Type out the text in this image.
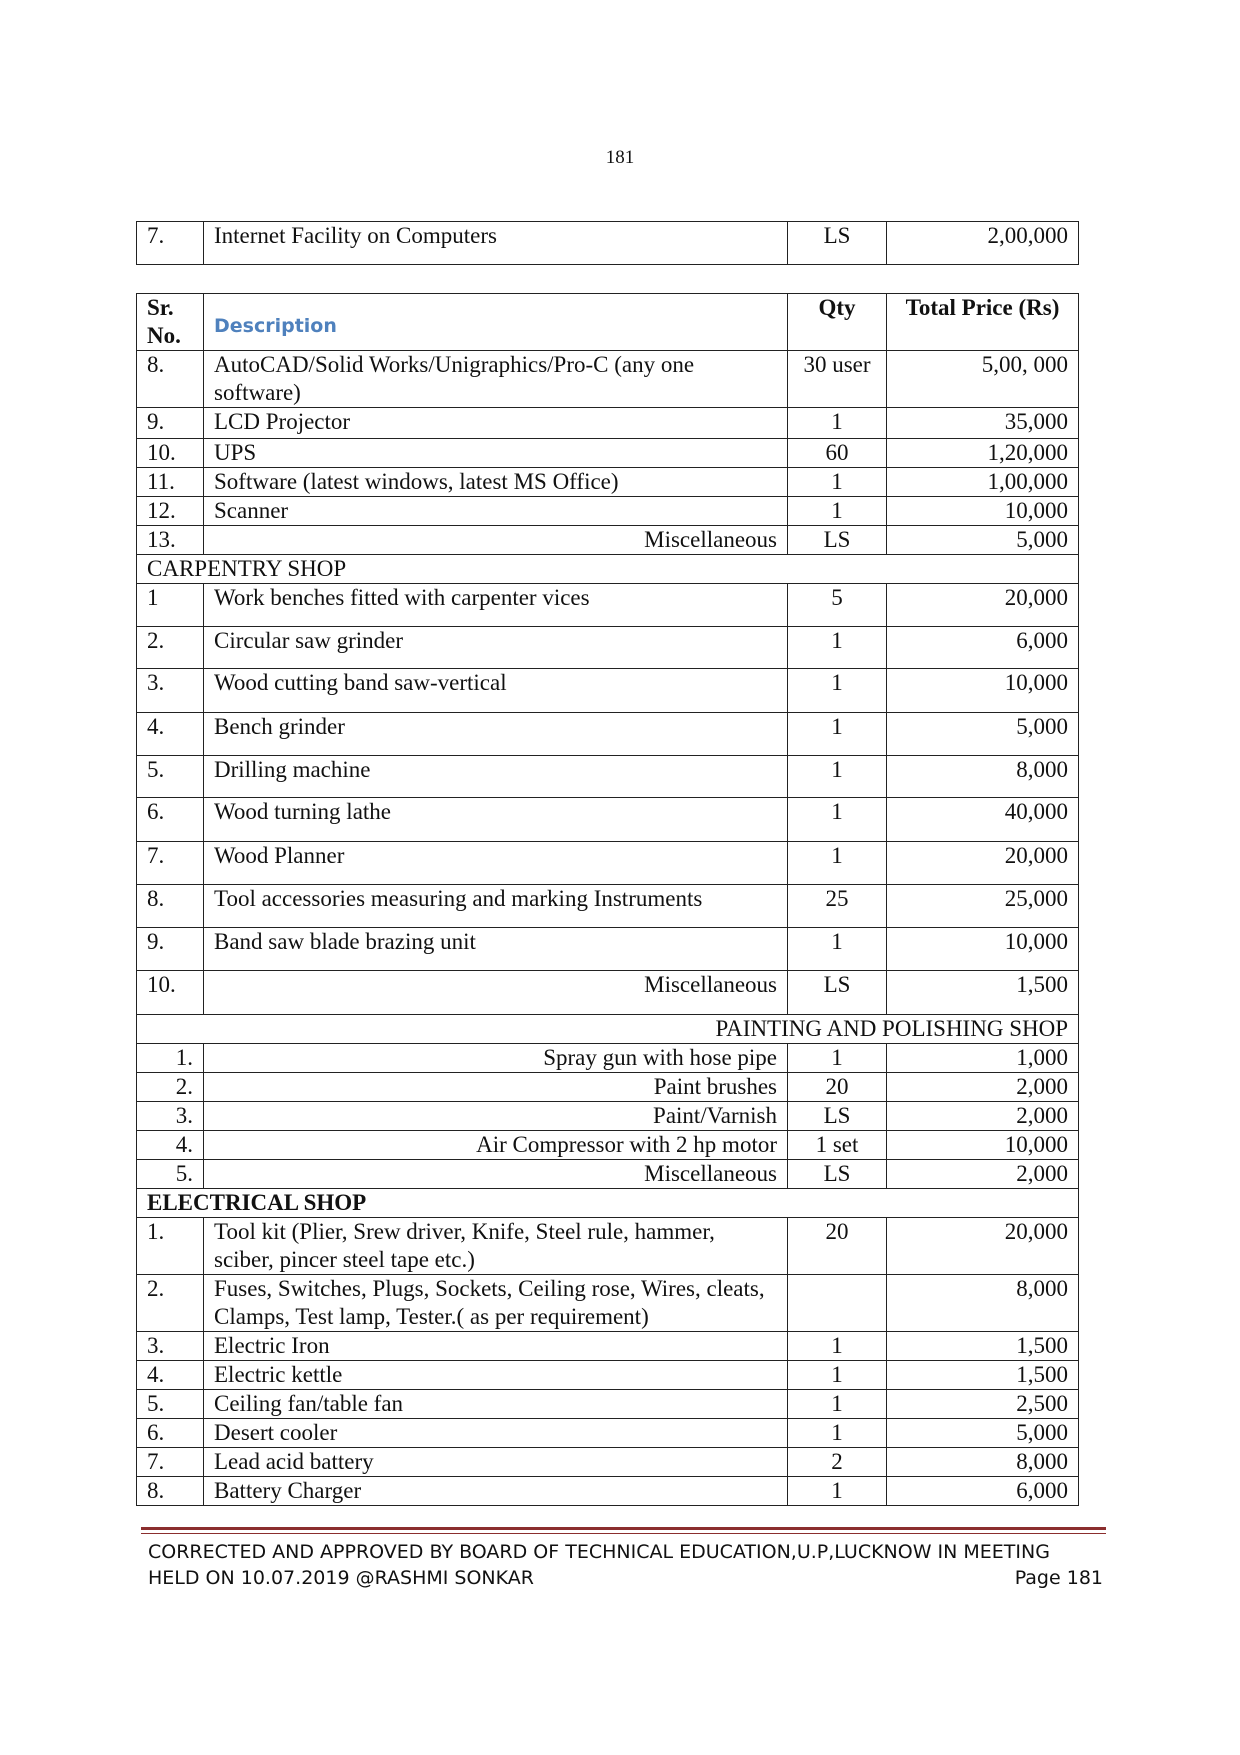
181
7.	Internet Facility on Computers	LS	2,00,000
Sr. No.	Description	Qty	Total Price (Rs)
8.	AutoCAD/Solid Works/Unigraphics/Pro-C (any one software)	30 user	5,00, 000
9.	LCD Projector	1	35,000
10.	UPS	60	1,20,000
11.	Software (latest windows, latest MS Office)	1	1,00,000
12.	Scanner	1	10,000
13.	Miscellaneous	LS	5,000
CARPENTRY SHOP			
1	Work benches fitted with carpenter vices	5	20,000
2.	Circular saw grinder	1	6,000
3.	Wood cutting band saw-vertical	1	10,000
4.	Bench grinder	1	5,000
5.	Drilling machine	1	8,000
6.	Wood turning lathe	1	40,000
7.	Wood Planner	1	20,000
8.	Tool accessories measuring and marking Instruments	25	25,000
9.	Band saw blade brazing unit	1	10,000
10.	Miscellaneous	LS	1,500
PAINTING AND POLISHING SHOP			
1.	Spray gun with hose pipe	1	1,000
2.	Paint brushes	20	2,000
3.	Paint/Varnish	LS	2,000
4.	Air Compressor with 2 hp motor	1 set	10,000
5.	Miscellaneous	LS	2,000
ELECTRICAL SHOP			
1.	Tool kit (Plier, Srew driver, Knife, Steel rule, hammer, sciber, pincer steel tape etc.)	20	20,000
2.	Fuses, Switches, Plugs, Sockets, Ceiling rose, Wires, cleats, Clamps, Test lamp, Tester.( as per requirement)		8,000
3.	Electric Iron	1	1,500
4.	Electric kettle	1	1,500
5.	Ceiling fan/table fan	1	2,500
6.	Desert cooler	1	5,000
7.	Lead acid battery	2	8,000
8.	Battery Charger	1	6,000
CORRECTED AND APPROVED BY BOARD OF TECHNICAL EDUCATION,U.P,LUCKNOW IN MEETING
HELD ON 10.07.2019 @RASHMI SONKAR	Page 181
